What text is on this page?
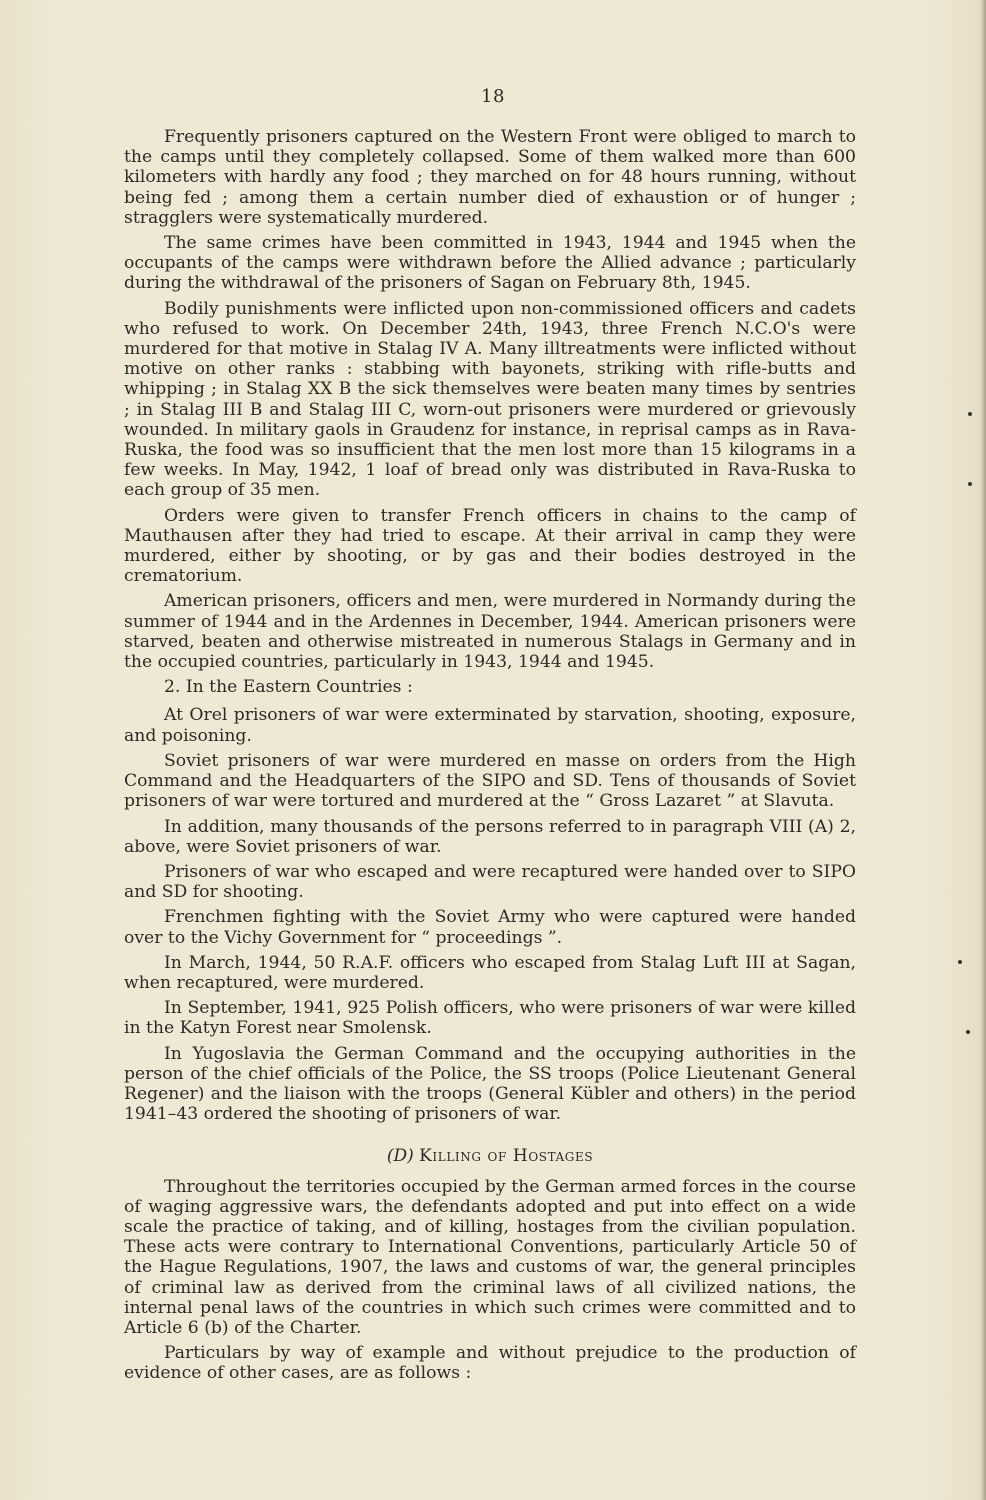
18

Frequently prisoners captured on the Western Front were obliged to march to the camps until they completely collapsed. Some of them walked more than 600 kilometers with hardly any food ; they marched on for 48 hours running, without being fed ; among them a certain number died of exhaustion or of hunger ; stragglers were systematically murdered.

The same crimes have been committed in 1943, 1944 and 1945 when the occupants of the camps were withdrawn before the Allied advance ; particularly during the withdrawal of the prisoners of Sagan on February 8th, 1945.

Bodily punishments were inflicted upon non-commissioned officers and cadets who refused to work. On December 24th, 1943, three French N.C.O's were murdered for that motive in Stalag IV A. Many illtreatments were inflicted without motive on other ranks : stabbing with bayonets, striking with rifle-butts and whipping ; in Stalag XX B the sick themselves were beaten many times by sentries ; in Stalag III B and Stalag III C, worn-out prisoners were murdered or grievously wounded. In military gaols in Graudenz for instance, in reprisal camps as in Rava-Ruska, the food was so insufficient that the men lost more than 15 kilograms in a few weeks. In May, 1942, 1 loaf of bread only was distributed in Rava-Ruska to each group of 35 men.

Orders were given to transfer French officers in chains to the camp of Mauthausen after they had tried to escape. At their arrival in camp they were murdered, either by shooting, or by gas and their bodies destroyed in the crematorium.

American prisoners, officers and men, were murdered in Normandy during the summer of 1944 and in the Ardennes in December, 1944. American prisoners were starved, beaten and otherwise mistreated in numerous Stalags in Germany and in the occupied countries, particularly in 1943, 1944 and 1945.

2. In the Eastern Countries :

At Orel prisoners of war were exterminated by starvation, shooting, exposure, and poisoning.

Soviet prisoners of war were murdered en masse on orders from the High Command and the Headquarters of the SIPO and SD. Tens of thousands of Soviet prisoners of war were tortured and murdered at the “ Gross Lazaret ” at Slavuta.

In addition, many thousands of the persons referred to in paragraph VIII (A) 2, above, were Soviet prisoners of war.

Prisoners of war who escaped and were recaptured were handed over to SIPO and SD for shooting.

Frenchmen fighting with the Soviet Army who were captured were handed over to the Vichy Government for “ proceedings ”.

In March, 1944, 50 R.A.F. officers who escaped from Stalag Luft III at Sagan, when recaptured, were murdered.

In September, 1941, 925 Polish officers, who were prisoners of war were killed in the Katyn Forest near Smolensk.

In Yugoslavia the German Command and the occupying authorities in the person of the chief officials of the Police, the SS troops (Police Lieutenant General Regener) and the liaison with the troops (General Kübler and others) in the period 1941–43 ordered the shooting of prisoners of war.

(D) Killing of Hostages

Throughout the territories occupied by the German armed forces in the course of waging aggressive wars, the defendants adopted and put into effect on a wide scale the practice of taking, and of killing, hostages from the civilian population. These acts were contrary to International Conventions, particularly Article 50 of the Hague Regulations, 1907, the laws and customs of war, the general principles of criminal law as derived from the criminal laws of all civilized nations, the internal penal laws of the countries in which such crimes were committed and to Article 6 (b) of the Charter.

Particulars by way of example and without prejudice to the production of evidence of other cases, are as follows :
